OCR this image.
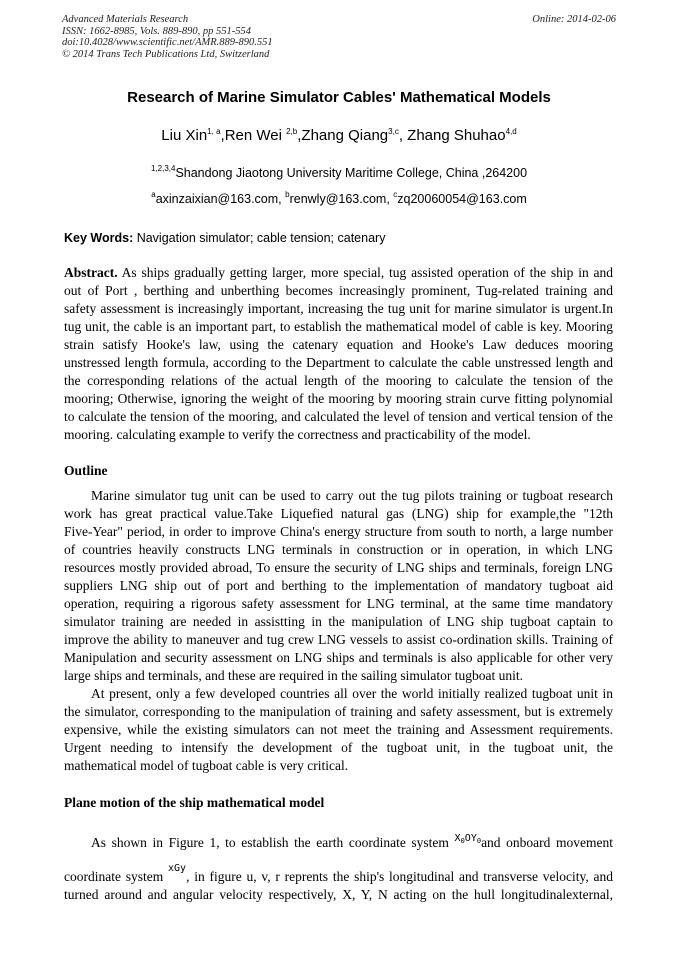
Advanced Materials Research
ISSN: 1662-8985, Vols. 889-890, pp 551-554
doi:10.4028/www.scientific.net/AMR.889-890.551
© 2014 Trans Tech Publications Ltd, Switzerland
Online: 2014-02-06
Research of Marine Simulator Cables' Mathematical Models
Liu Xin$^{1, a}$,Ren Wei $^{2,b}$,Zhang Qiang$^{3,c}$, Zhang Shuhao$^{4,d}$
$^{1,2,3,4}$Shandong Jiaotong University Maritime College, China ,264200
$^a$axinzaixian@163.com, $^b$renwly@163.com, $^c$zq20060054@163.com
Key Words: Navigation simulator; cable tension; catenary
Abstract. As ships gradually getting larger, more special, tug assisted operation of the ship in and
out of Port , berthing and unberthing becomes increasingly prominent, Tug-related training and
safety assessment is increasingly important, increasing the tug unit for marine simulator is urgent.In
tug unit, the cable is an important part, to establish the mathematical model of cable is key. Mooring
strain satisfy Hooke's law, using the catenary equation and Hooke's Law deduces mooring
unstressed length formula, according to the Department to calculate the cable unstressed length and
the corresponding relations of the actual length of the mooring to calculate the tension of the
mooring; Otherwise, ignoring the weight of the mooring by mooring strain curve fitting polynomial
to calculate the tension of the mooring, and calculated the level of tension and vertical tension of the
mooring. calculating example to verify the correctness and practicability of the model.
Outline
Marine simulator tug unit can be used to carry out the tug pilots training or tugboat research
work has great practical value.Take Liquefied natural gas (LNG) ship for example,the "12th
Five-Year" period, in order to improve China's energy structure from south to north, a large number
of countries heavily constructs LNG terminals in construction or in operation, in which LNG
resources mostly provided abroad, To ensure the security of LNG ships and terminals, foreign LNG
suppliers LNG ship out of port and berthing to the implementation of mandatory tugboat aid
operation, requiring a rigorous safety assessment for LNG terminal, at the same time mandatory
simulator training are needed in assistting in the manipulation of LNG ship tugboat captain to
improve the ability to maneuver and tug crew LNG vessels to assist co-ordination skills. Training of
Manipulation and security assessment on LNG ships and terminals is also applicable for other very
large ships and terminals, and these are required in the sailing simulator tugboat unit.
At present, only a few developed countries all over the world initially realized tugboat unit in
the simulator, corresponding to the manipulation of training and safety assessment, but is extremely
expensive, while the existing simulators can not meet the training and Assessment requirements.
Urgent needing to intensify the development of the tugboat unit, in the tugboat unit, the
mathematical model of tugboat cable is very critical.
Plane motion of the ship mathematical model
As shown in Figure 1, to establish the earth coordinate system $X_0OY_0and$ onboard movement
coordinate system xGy, in figure u, v, r reprents the ship's longitudinal and transverse velocity, and
turned around and angular velocity respectively, X, Y, N acting on the hull longitudinalexternal,
